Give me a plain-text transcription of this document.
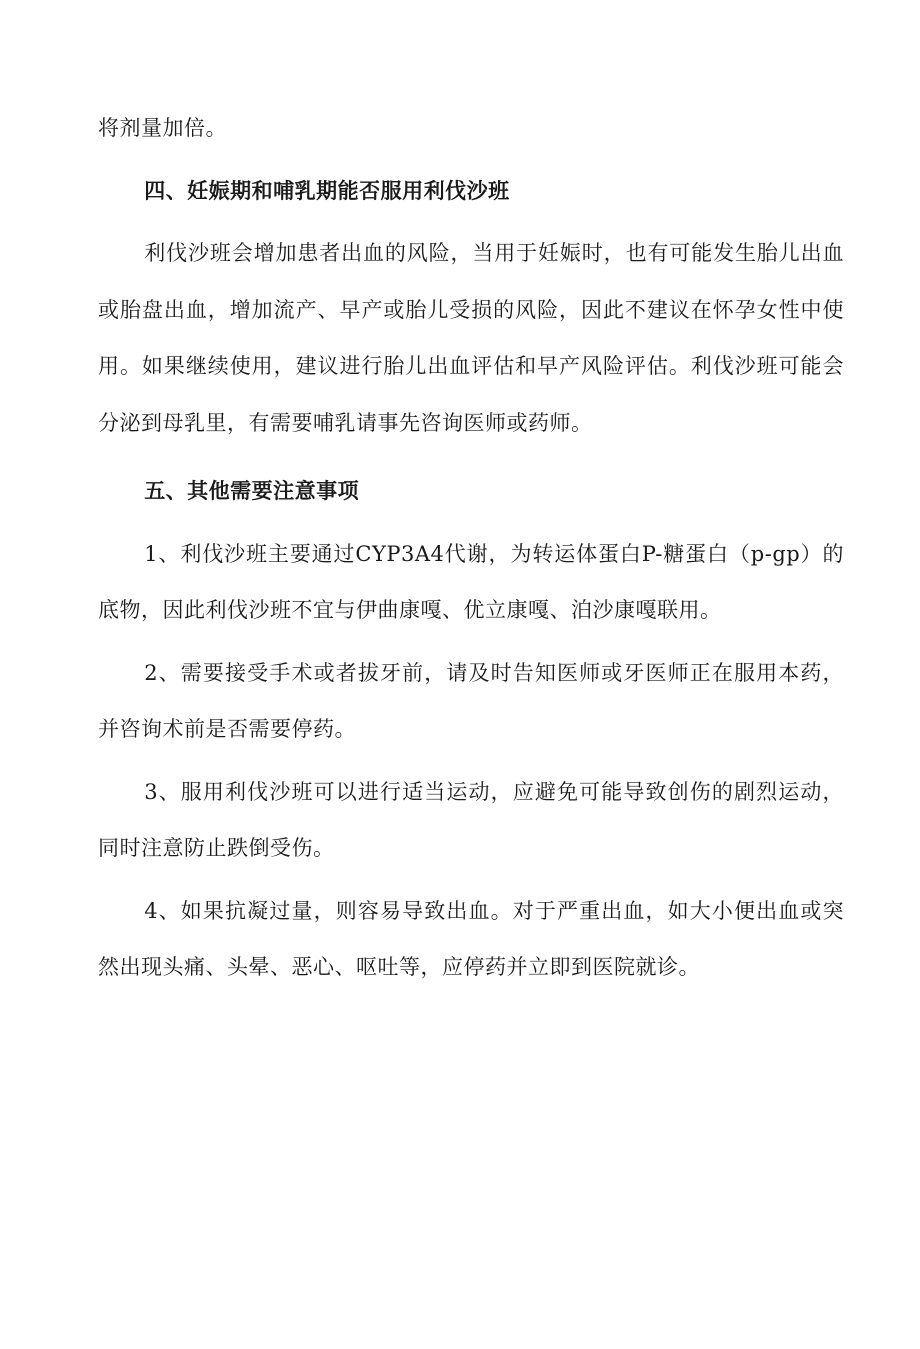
将剂量加倍。

四、妊娠期和哺乳期能否服用利伐沙班

利伐沙班会增加患者出血的风险，当用于妊娠时，也有可能发生胎儿出血或胎盘出血，增加流产、早产或胎儿受损的风险，因此不建议在怀孕女性中使用。如果继续使用，建议进行胎儿出血评估和早产风险评估。利伐沙班可能会分泌到母乳里，有需要哺乳请事先咨询医师或药师。

五、其他需要注意事项

1、利伐沙班主要通过CYP3A4代谢，为转运体蛋白P-糖蛋白（p-gp）的底物，因此利伐沙班不宜与伊曲康嘎、优立康嘎、泊沙康嘎联用。

2、需要接受手术或者拔牙前，请及时告知医师或牙医师正在服用本药，并咨询术前是否需要停药。

3、服用利伐沙班可以进行适当运动，应避免可能导致创伤的剧烈运动，同时注意防止跌倒受伤。

4、如果抗凝过量，则容易导致出血。对于严重出血，如大小便出血或突然出现头痛、头晕、恶心、呕吐等，应停药并立即到医院就诊。
